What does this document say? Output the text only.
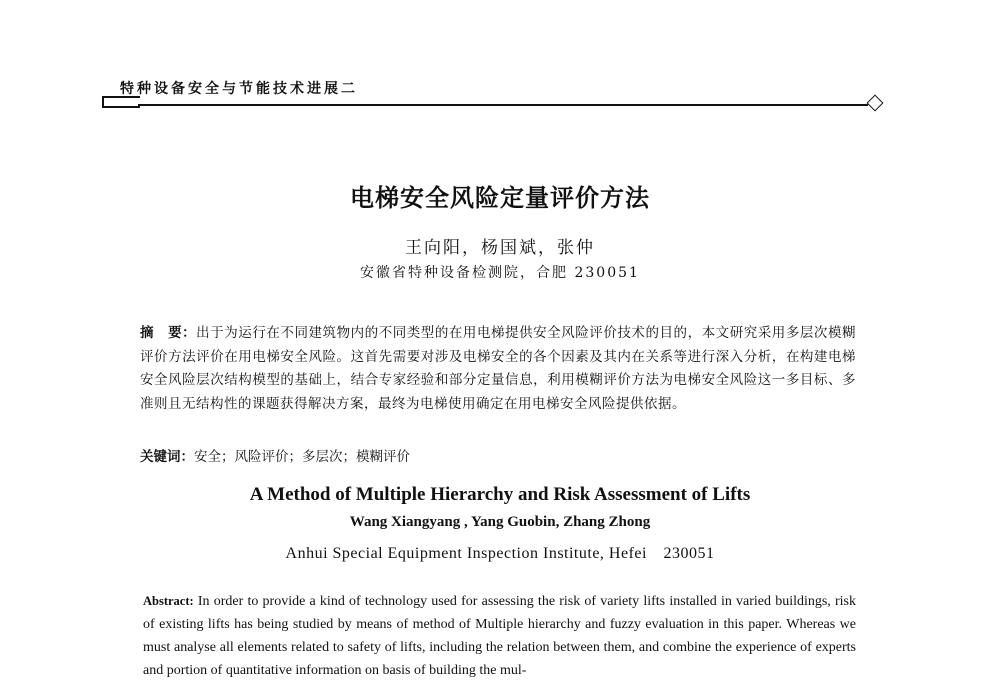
特种设备安全与节能技术进展二
电梯安全风险定量评价方法
王向阳，杨国斌，张仲
安徽省特种设备检测院，合肥 230051
摘　要：出于为运行在不同建筑物内的不同类型的在用电梯提供安全风险评价技术的目的，本文研究采用多层次模糊评价方法评价在用电梯安全风险。这首先需要对涉及电梯安全的各个因素及其内在关系等进行深入分析，在构建电梯安全风险层次结构模型的基础上，结合专家经验和部分定量信息，利用模糊评价方法为电梯安全风险这一多目标、多准则且无结构性的课题获得解决方案，最终为电梯使用确定在用电梯安全风险提供依据。
关键词：安全；风险评价；多层次；模糊评价
A Method of Multiple Hierarchy and Risk Assessment of Lifts
Wang Xiangyang , Yang Guobin, Zhang Zhong
Anhui Special Equipment Inspection Institute, Hefei　230051
Abstract: In order to provide a kind of technology used for assessing the risk of variety lifts installed in varied buildings, risk of existing lifts has being studied by means of method of Multiple hierarchy and fuzzy evaluation in this paper. Whereas we must analyse all elements related to safety of lifts, including the relation between them, and combine the experience of experts and portion of quantitative information on basis of building the mul-
